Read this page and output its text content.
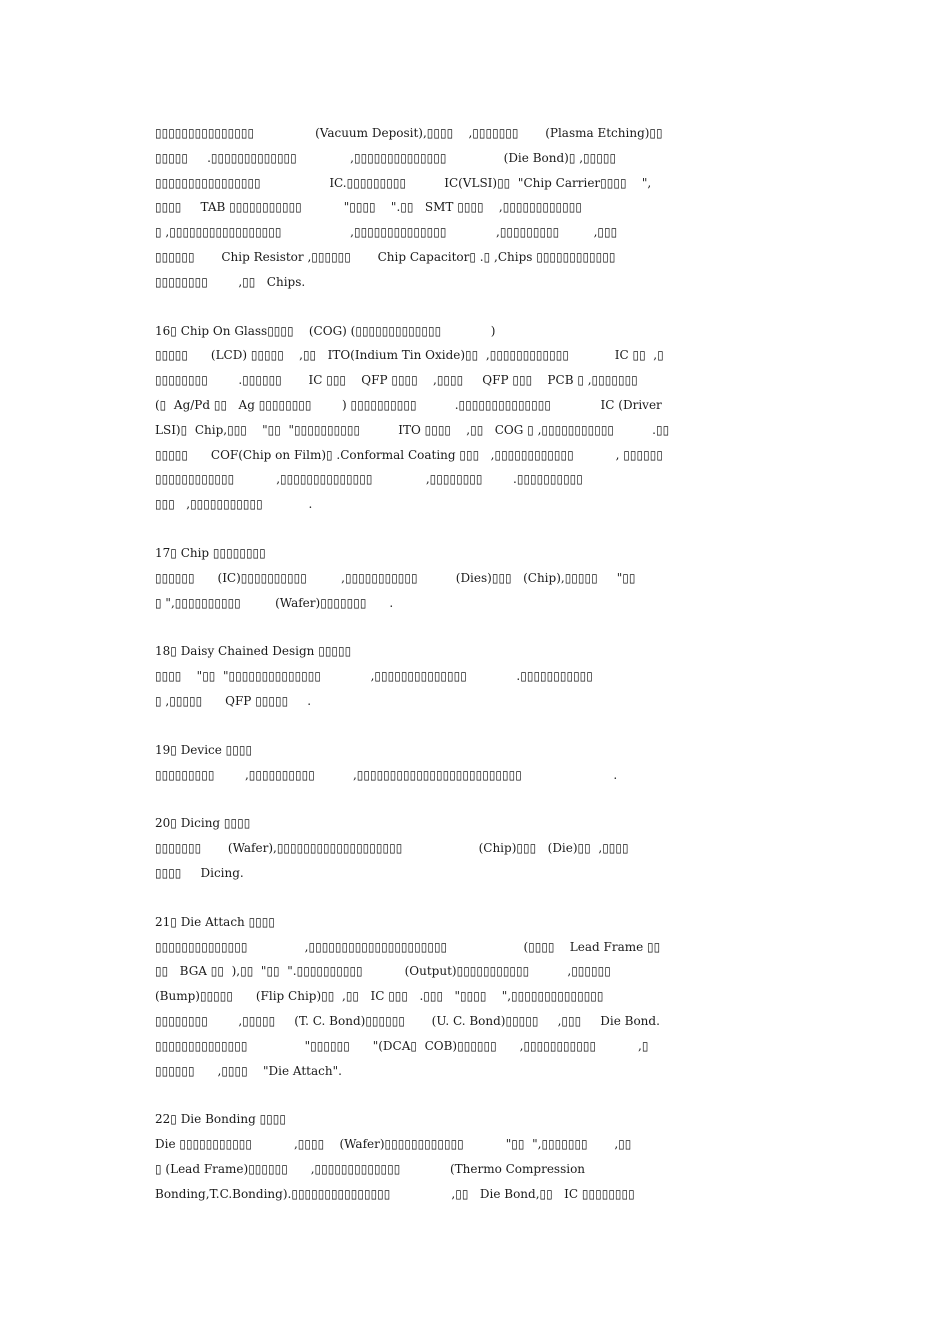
▯▯▯▯▯▯▯▯▯▯▯▯▯▯▯                (Vacuum Deposit),▯▯▯▯    ,▯▯▯▯▯▯▯       (Plasma Etching)▯▯
▯▯▯▯▯     .▯▯▯▯▯▯▯▯▯▯▯▯▯              ,▯▯▯▯▯▯▯▯▯▯▯▯▯▯               (Die Bond)▯ ,▯▯▯▯▯
▯▯▯▯▯▯▯▯▯▯▯▯▯▯▯▯                  IC.▯▯▯▯▯▯▯▯▯          IC(VLSI)▯▯  "Chip Carrier▯▯▯▯    ",
▯▯▯▯     TAB ▯▯▯▯▯▯▯▯▯▯▯           "▯▯▯▯    ".▯▯   SMT ▯▯▯▯    ,▯▯▯▯▯▯▯▯▯▯▯▯
▯ ,▯▯▯▯▯▯▯▯▯▯▯▯▯▯▯▯▯                  ,▯▯▯▯▯▯▯▯▯▯▯▯▯▯             ,▯▯▯▯▯▯▯▯▯         ,▯▯▯
▯▯▯▯▯▯       Chip Resistor ,▯▯▯▯▯▯       Chip Capacitor▯ .▯ ,Chips ▯▯▯▯▯▯▯▯▯▯▯▯
▯▯▯▯▯▯▯▯        ,▯▯   Chips.
16▯ Chip On Glass▯▯▯▯    (COG) (▯▯▯▯▯▯▯▯▯▯▯▯▯             )
▯▯▯▯▯      (LCD) ▯▯▯▯▯    ,▯▯   ITO(Indium Tin Oxide)▯▯  ,▯▯▯▯▯▯▯▯▯▯▯▯            IC ▯▯  ,▯
▯▯▯▯▯▯▯▯        .▯▯▯▯▯▯       IC ▯▯▯    QFP ▯▯▯▯    ,▯▯▯▯     QFP ▯▯▯    PCB ▯ ,▯▯▯▯▯▯▯
(▯  Ag/Pd ▯▯   Ag ▯▯▯▯▯▯▯▯        ) ▯▯▯▯▯▯▯▯▯▯          .▯▯▯▯▯▯▯▯▯▯▯▯▯▯             IC (Driver
LSI)▯  Chip,▯▯▯    "▯▯  "▯▯▯▯▯▯▯▯▯▯          ITO ▯▯▯▯    ,▯▯   COG ▯ ,▯▯▯▯▯▯▯▯▯▯▯          .▯▯
▯▯▯▯▯      COF(Chip on Film)▯ .Conformal Coating ▯▯▯   ,▯▯▯▯▯▯▯▯▯▯▯▯           , ▯▯▯▯▯▯
▯▯▯▯▯▯▯▯▯▯▯▯           ,▯▯▯▯▯▯▯▯▯▯▯▯▯▯              ,▯▯▯▯▯▯▯▯        .▯▯▯▯▯▯▯▯▯▯
▯▯▯   ,▯▯▯▯▯▯▯▯▯▯▯            .
17▯ Chip ▯▯▯▯▯▯▯▯
▯▯▯▯▯▯      (IC)▯▯▯▯▯▯▯▯▯▯         ,▯▯▯▯▯▯▯▯▯▯▯          (Dies)▯▯▯   (Chip),▯▯▯▯▯     "▯▯
▯ ",▯▯▯▯▯▯▯▯▯▯         (Wafer)▯▯▯▯▯▯▯      .
18▯ Daisy Chained Design ▯▯▯▯▯
▯▯▯▯    "▯▯  "▯▯▯▯▯▯▯▯▯▯▯▯▯▯             ,▯▯▯▯▯▯▯▯▯▯▯▯▯▯             .▯▯▯▯▯▯▯▯▯▯▯
▯ ,▯▯▯▯▯      QFP ▯▯▯▯▯     .
19▯ Device ▯▯▯▯
▯▯▯▯▯▯▯▯▯        ,▯▯▯▯▯▯▯▯▯▯          ,▯▯▯▯▯▯▯▯▯▯▯▯▯▯▯▯▯▯▯▯▯▯▯▯▯                        .
20▯ Dicing ▯▯▯▯
▯▯▯▯▯▯▯       (Wafer),▯▯▯▯▯▯▯▯▯▯▯▯▯▯▯▯▯▯▯                    (Chip)▯▯▯   (Die)▯▯  ,▯▯▯▯
▯▯▯▯     Dicing.
21▯ Die Attach ▯▯▯▯
▯▯▯▯▯▯▯▯▯▯▯▯▯▯               ,▯▯▯▯▯▯▯▯▯▯▯▯▯▯▯▯▯▯▯▯▯                    (▯▯▯▯    Lead Frame ▯▯
▯▯   BGA ▯▯  ),▯▯  "▯▯  ".▯▯▯▯▯▯▯▯▯▯           (Output)▯▯▯▯▯▯▯▯▯▯▯          ,▯▯▯▯▯▯
(Bump)▯▯▯▯▯      (Flip Chip)▯▯  ,▯▯   IC ▯▯▯   .▯▯▯   "▯▯▯▯    ",▯▯▯▯▯▯▯▯▯▯▯▯▯▯
▯▯▯▯▯▯▯▯        ,▯▯▯▯▯     (T. C. Bond)▯▯▯▯▯▯       (U. C. Bond)▯▯▯▯▯     ,▯▯▯     Die Bond.
▯▯▯▯▯▯▯▯▯▯▯▯▯▯               "▯▯▯▯▯▯      "(DCA▯  COB)▯▯▯▯▯▯      ,▯▯▯▯▯▯▯▯▯▯▯           ,▯
▯▯▯▯▯▯      ,▯▯▯▯    "Die Attach".
22▯ Die Bonding ▯▯▯▯
Die ▯▯▯▯▯▯▯▯▯▯▯           ,▯▯▯▯    (Wafer)▯▯▯▯▯▯▯▯▯▯▯▯           "▯▯  ",▯▯▯▯▯▯▯       ,▯▯
▯ (Lead Frame)▯▯▯▯▯▯      ,▯▯▯▯▯▯▯▯▯▯▯▯▯             (Thermo Compression
Bonding,T.C.Bonding).▯▯▯▯▯▯▯▯▯▯▯▯▯▯▯                ,▯▯   Die Bond,▯▯   IC ▯▯▯▯▯▯▯▯
